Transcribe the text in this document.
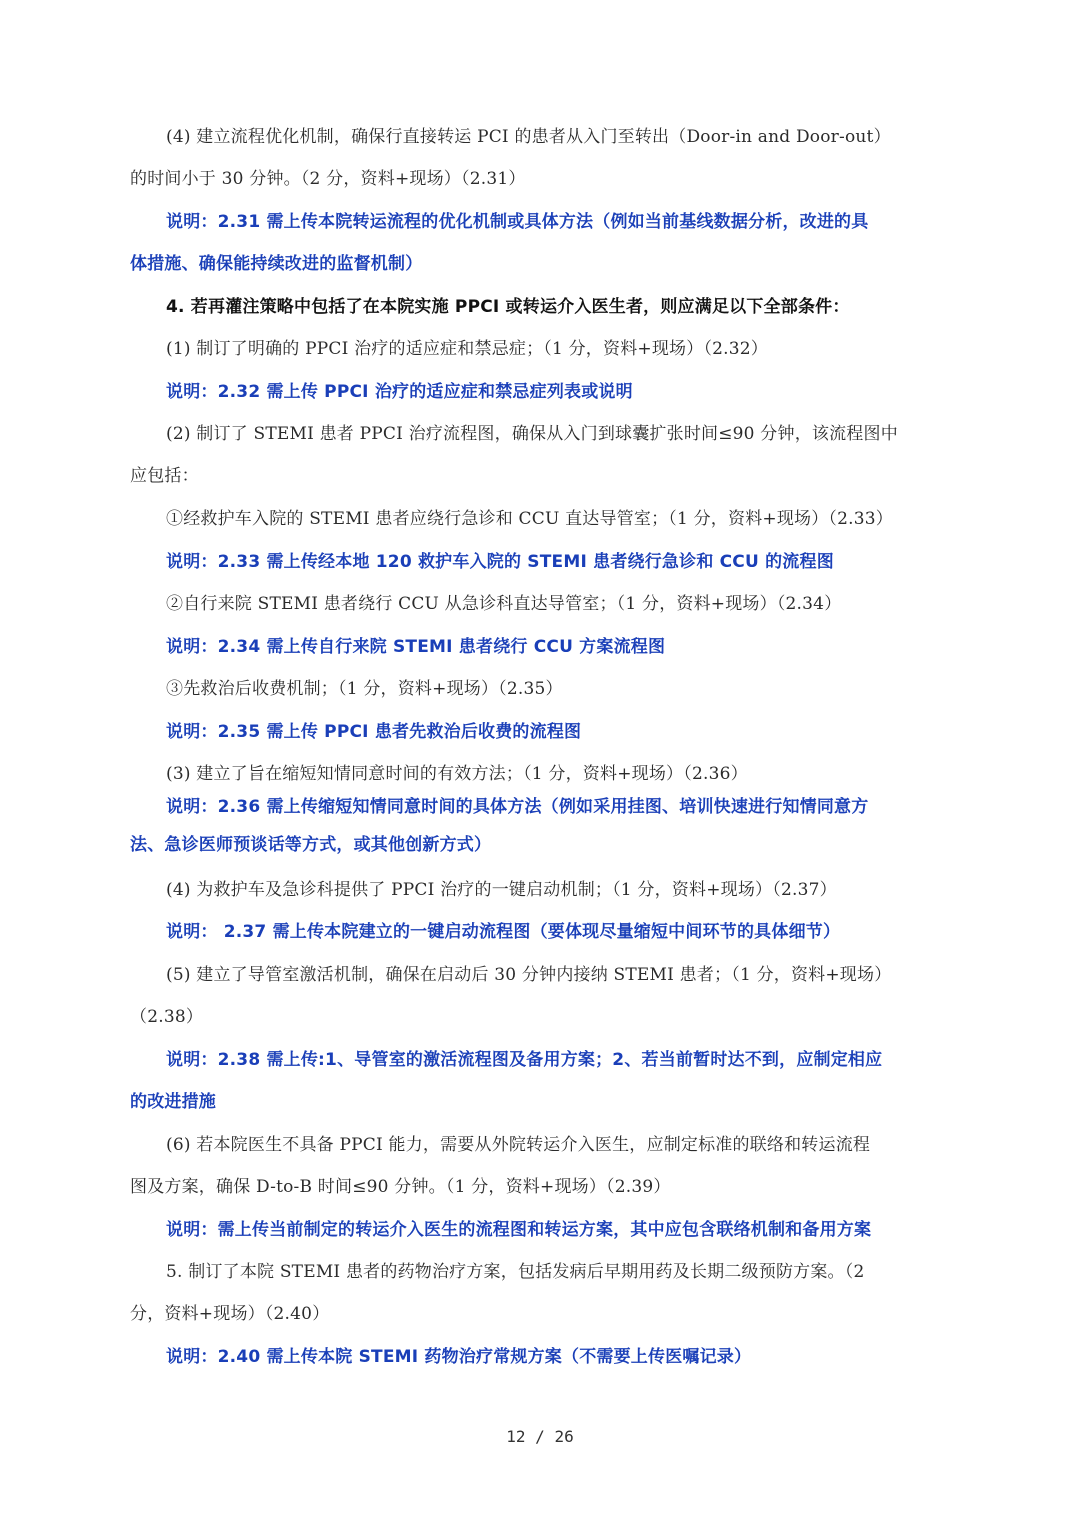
(4) 建立流程优化机制，确保行直接转运 PCI 的患者从入门至转出（Door-in and Door-out）
的时间小于 30 分钟。（2 分，资料+现场）（2.31）
说明：2.31 需上传本院转运流程的优化机制或具体方法（例如当前基线数据分析，改进的具
体措施、确保能持续改进的监督机制）
4. 若再灌注策略中包括了在本院实施 PPCI 或转运介入医生者，则应满足以下全部条件：
(1) 制订了明确的 PPCI 治疗的适应症和禁忌症；（1 分，资料+现场）（2.32）
说明：2.32 需上传 PPCI 治疗的适应症和禁忌症列表或说明
(2) 制订了 STEMI 患者 PPCI 治疗流程图，确保从入门到球囊扩张时间≤90 分钟，该流程图中
应包括：
①经救护车入院的 STEMI 患者应绕行急诊和 CCU 直达导管室；（1 分，资料+现场）（2.33）
说明：2.33 需上传经本地 120 救护车入院的 STEMI 患者绕行急诊和 CCU 的流程图
②自行来院 STEMI 患者绕行 CCU 从急诊科直达导管室；（1 分，资料+现场）（2.34）
说明：2.34 需上传自行来院 STEMI 患者绕行 CCU 方案流程图
③先救治后收费机制；（1 分，资料+现场）（2.35）
说明：2.35 需上传 PPCI 患者先救治后收费的流程图
(3) 建立了旨在缩短知情同意时间的有效方法；（1 分，资料+现场）（2.36）
说明：2.36 需上传缩短知情同意时间的具体方法（例如采用挂图、培训快速进行知情同意方
法、急诊医师预谈话等方式，或其他创新方式）
(4) 为救护车及急诊科提供了 PPCI 治疗的一键启动机制；（1 分，资料+现场）（2.37）
说明： 2.37 需上传本院建立的一键启动流程图（要体现尽量缩短中间环节的具体细节）
(5) 建立了导管室激活机制，确保在启动后 30 分钟内接纳 STEMI 患者；（1 分，资料+现场）
（2.38）
说明：2.38 需上传:1、导管室的激活流程图及备用方案；2、若当前暂时达不到，应制定相应
的改进措施
(6) 若本院医生不具备 PPCI 能力，需要从外院转运介入医生，应制定标准的联络和转运流程
图及方案，确保 D-to-B 时间≤90 分钟。（1 分，资料+现场）（2.39）
说明：需上传当前制定的转运介入医生的流程图和转运方案，其中应包含联络机制和备用方案
5. 制订了本院 STEMI 患者的药物治疗方案，包括发病后早期用药及长期二级预防方案。（2
分，资料+现场）（2.40）
说明：2.40 需上传本院 STEMI 药物治疗常规方案（不需要上传医嘱记录）
12 / 26
